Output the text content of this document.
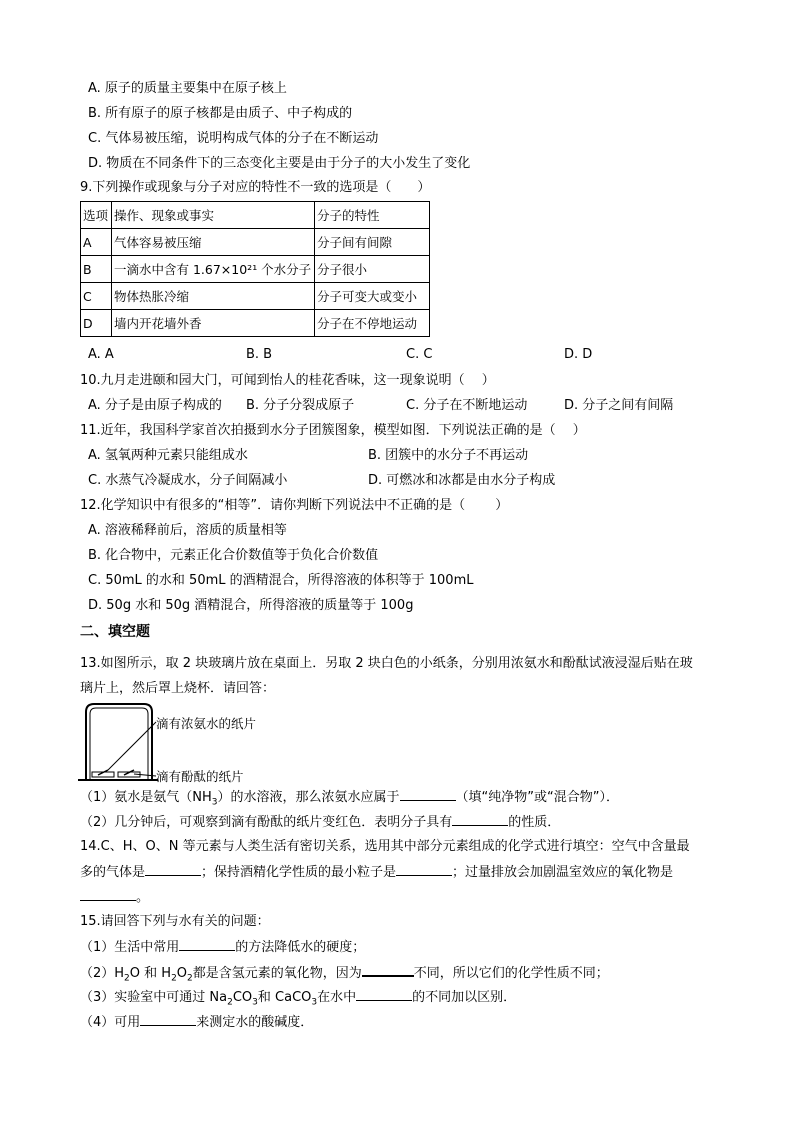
A. 原子的质量主要集中在原子核上
B. 所有原子的原子核都是由质子、中子构成的
C. 气体易被压缩，说明构成气体的分子在不断运动
D. 物质在不同条件下的三态变化主要是由于分子的大小发生了变化
9.下列操作或现象与分子对应的特性不一致的选项是（　　）
选项	操作、现象或事实	分子的特性
A	气体容易被压缩	分子间有间隙
B	一滴水中含有 1.67×10²¹ 个水分子	分子很小
C	物体热胀冷缩	分子可变大或变小
D	墙内开花墙外香	分子在不停地运动
A. A	B. B	C. C	D. D
10.九月走进颐和园大门，可闻到怡人的桂花香味，这一现象说明（　 ）
A. 分子是由原子构成的 B. 分子分裂成原子	C. 分子在不断地运动	D. 分子之间有间隔
11.近年，我国科学家首次拍摄到水分子团簇图象，模型如图．下列说法正确的是（　 ）
A. 氢氧两种元素只能组成水	B. 团簇中的水分子不再运动
C. 水蒸气冷凝成水，分子间隔减小	D. 可燃冰和冰都是由水分子构成
12.化学知识中有很多的“相等”．请你判断下列说法中不正确的是（　　 ）
A. 溶液稀释前后，溶质的质量相等
B. 化合物中，元素正化合价数值等于负化合价数值
C. 50mL 的水和 50mL 的酒精混合，所得溶液的体积等于 100mL
D. 50g 水和 50g 酒精混合，所得溶液的质量等于 100g
二、填空题
13.如图所示，取 2 块玻璃片放在桌面上．另取 2 块白色的小纸条，分别用浓氨水和酚酞试液浸湿后贴在玻
璃片上，然后罩上烧杯．请回答：
滴有浓氨水的纸片
滴有酚酞的纸片
（1）氨水是氨气$(NH_3)$的水溶液，那么浓氨水应属于	（填“纯净物”或“混合物”）．
（2）几分钟后，可观察到滴有酚酞的纸片变红色．表明分子具有	的性质．
14.C、H、O、N 等元素与人类生活有密切关系，选用其中部分元素组成的化学式进行填空：空气中含量最
多的气体是	；保持酒精化学性质的最小粒子是	；过量排放会加剧温室效应的氧化物是
。
15.请回答下列与水有关的问题：
（1）生活中常用	的方法降低水的硬度；
$(2)H_2O$ 和 $H_2O_2$都是含氢元素的氧化物，因为	不同，所以它们的化学性质不同；
（3）实验室中可通过 $Na_2CO_3$和 CaCO$_3$在水中	的不同加以区别．
（4）可用	来测定水的酸碱度．
